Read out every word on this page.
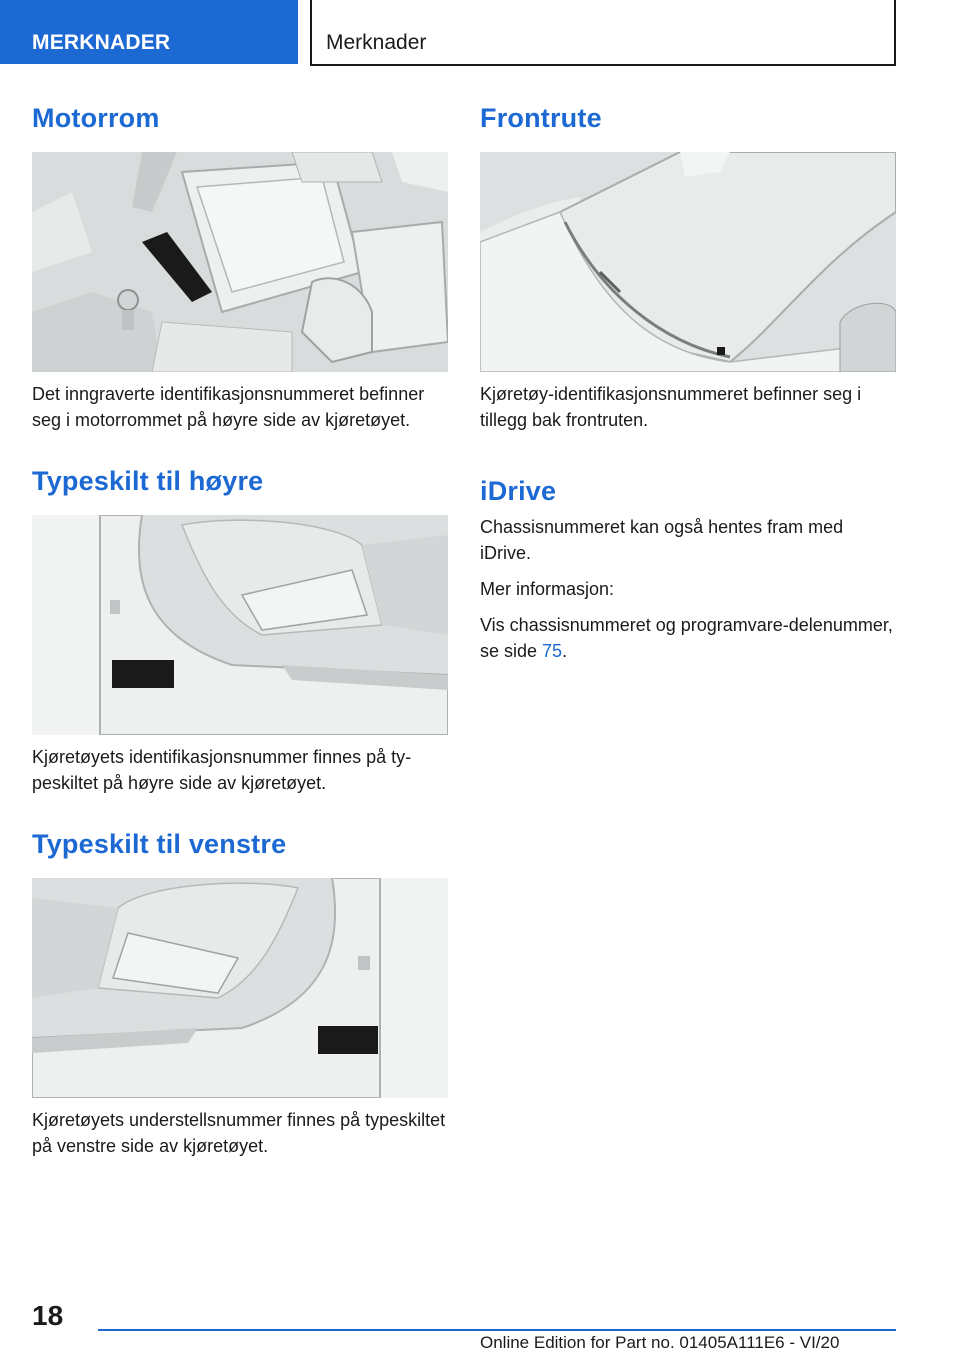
MERKNADER	Merknader
Motorrom

Det inngraverte identifikasjonsnummeret befinner seg i motorrommet på høyre side av kjøretøyet.

Typeskilt til høyre

Kjøretøyets identifikasjonsnummer finnes på typeskiltet på høyre side av kjøretøyet.

Typeskilt til venstre

Kjøretøyets understellsnummer finnes på typeskiltet på venstre side av kjøretøyet.

Frontrute

Kjøretøy-identifikasjonsnummeret befinner seg i tillegg bak frontruten.

iDrive

Chassisnummeret kan også hentes fram med iDrive.

Mer informasjon:

Vis chassisnummeret og programvare-delenummer, se side 75.

18
Online Edition for Part no. 01405A111E6 - VI/20
